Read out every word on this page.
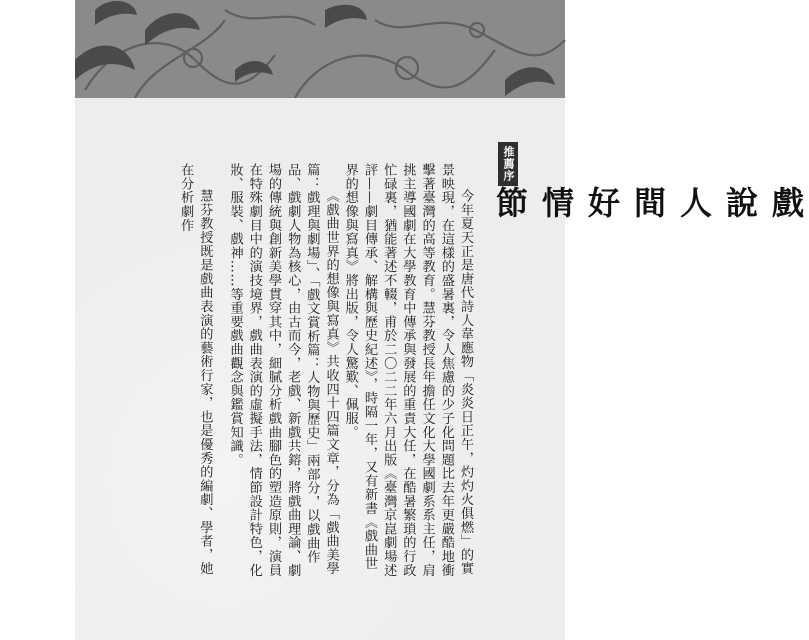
推薦序
戲說人間好情節

今年夏天正是唐代詩人韋應物「炎炎日正午，灼灼火俱燃」的實景映現，在這樣的盛暑裏，令人焦慮的少子化問題比去年更嚴酷地衝擊著臺灣的高等教育。慧芬教授長年擔任文化大學國劇系系主任，肩挑主導國劇在大學教育中傳承與發展的重責大任，在酷暑繁瑣的行政忙碌裏，猶能著述不輟，甫於二〇二二年六月出版《臺灣京崑劇場述評——劇目傳承、解構與歷史紀述》，時隔一年，又有新書《戲曲世界的想像與寫真》將出版，令人驚歎、佩服。

《戲曲世界的想像與寫真》共收四十四篇文章，分為「戲曲美學篇：戲理與劇場」、「戲文賞析篇：人物與歷史」兩部分，以戲曲作品、戲劇人物為核心，由古而今，老戲、新戲共鎔，將戲曲理論、劇場的傳統與創新美學貫穿其中，細膩分析戲曲腳色的塑造原則，演員在特殊劇目中的演技境界，戲曲表演的虛擬手法，情節設計特色，化妝、服裝、戲神……等重要戲曲觀念與鑑賞知識。

慧芬教授既是戲曲表演的藝術行家，也是優秀的編劇、學者，她在分析劇作
